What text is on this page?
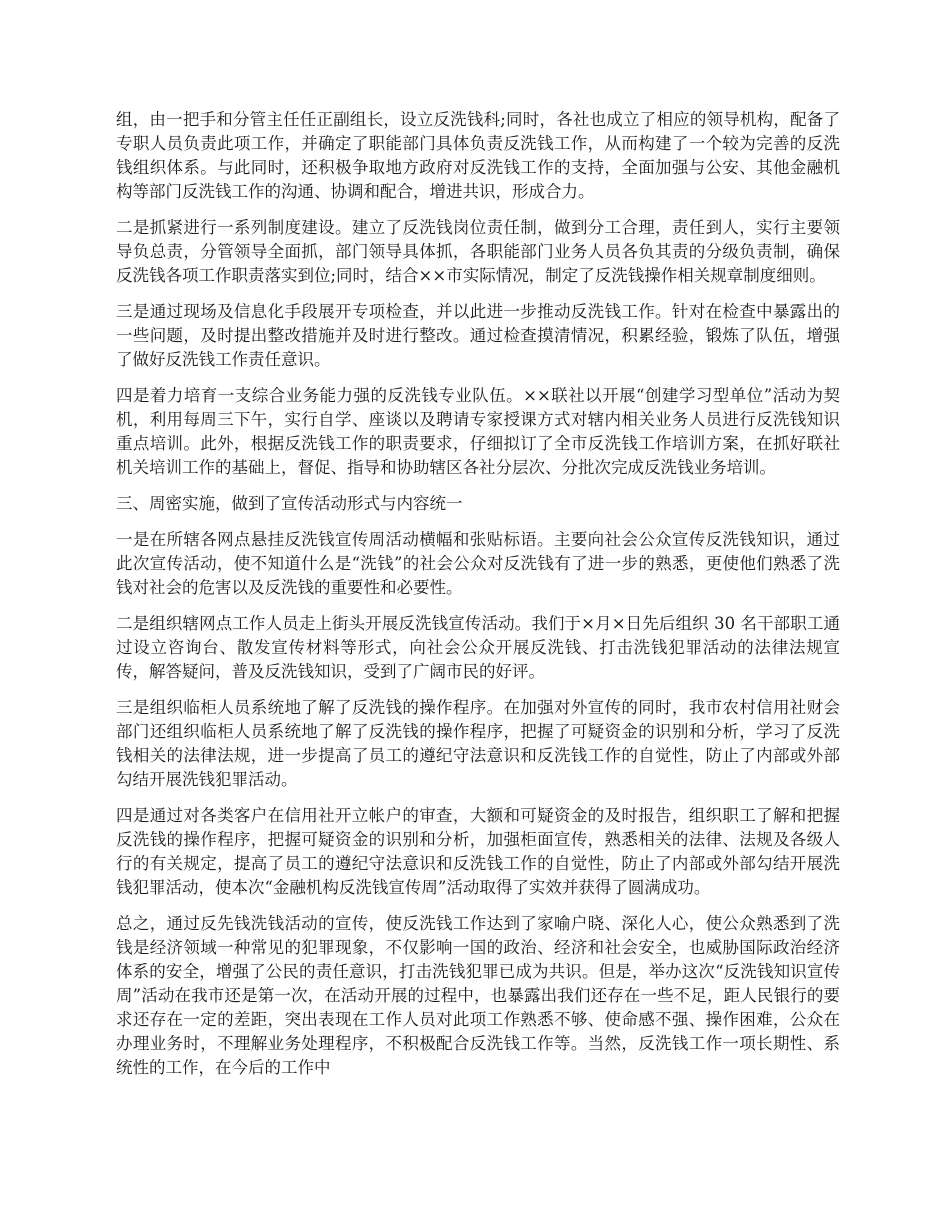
组，由一把手和分管主任任正副组长，设立反洗钱科;同时，各社也成立了相应的领导机构，配备了专职人员负责此项工作，并确定了职能部门具体负责反洗钱工作，从而构建了一个较为完善的反洗钱组织体系。与此同时，还积极争取地方政府对反洗钱工作的支持，全面加强与公安、其他金融机构等部门反洗钱工作的沟通、协调和配合，增进共识，形成合力。

二是抓紧进行一系列制度建设。建立了反洗钱岗位责任制，做到分工合理，责任到人，实行主要领导负总责，分管领导全面抓，部门领导具体抓，各职能部门业务人员各负其责的分级负责制，确保反洗钱各项工作职责落实到位;同时，结合××市实际情况，制定了反洗钱操作相关规章制度细则。

三是通过现场及信息化手段展开专项检查，并以此进一步推动反洗钱工作。针对在检查中暴露出的一些问题，及时提出整改措施并及时进行整改。通过检查摸清情况，积累经验，锻炼了队伍，增强了做好反洗钱工作责任意识。

四是着力培育一支综合业务能力强的反洗钱专业队伍。××联社以开展“创建学习型单位”活动为契机，利用每周三下午，实行自学、座谈以及聘请专家授课方式对辖内相关业务人员进行反洗钱知识重点培训。此外，根据反洗钱工作的职责要求，仔细拟订了全市反洗钱工作培训方案，在抓好联社机关培训工作的基础上，督促、指导和协助辖区各社分层次、分批次完成反洗钱业务培训。

三、周密实施，做到了宣传活动形式与内容统一

一是在所辖各网点悬挂反洗钱宣传周活动横幅和张贴标语。主要向社会公众宣传反洗钱知识，通过此次宣传活动，使不知道什么是“洗钱”的社会公众对反洗钱有了进一步的熟悉，更使他们熟悉了洗钱对社会的危害以及反洗钱的重要性和必要性。

二是组织辖网点工作人员走上街头开展反洗钱宣传活动。我们于×月×日先后组织 30 名干部职工通过设立咨询台、散发宣传材料等形式，向社会公众开展反洗钱、打击洗钱犯罪活动的法律法规宣传，解答疑问，普及反洗钱知识，受到了广阔市民的好评。

三是组织临柜人员系统地了解了反洗钱的操作程序。在加强对外宣传的同时，我市农村信用社财会部门还组织临柜人员系统地了解了反洗钱的操作程序，把握了可疑资金的识别和分析，学习了反洗钱相关的法律法规，进一步提高了员工的遵纪守法意识和反洗钱工作的自觉性，防止了内部或外部勾结开展洗钱犯罪活动。

四是通过对各类客户在信用社开立帐户的审查，大额和可疑资金的及时报告，组织职工了解和把握反洗钱的操作程序，把握可疑资金的识别和分析，加强柜面宣传，熟悉相关的法律、法规及各级人行的有关规定，提高了员工的遵纪守法意识和反洗钱工作的自觉性，防止了内部或外部勾结开展洗钱犯罪活动，使本次“金融机构反洗钱宣传周”活动取得了实效并获得了圆满成功。

总之，通过反先钱洗钱活动的宣传，使反洗钱工作达到了家喻户晓、深化人心，使公众熟悉到了洗钱是经济领域一种常见的犯罪现象，不仅影响一国的政治、经济和社会安全，也威胁国际政治经济体系的安全，增强了公民的责任意识，打击洗钱犯罪已成为共识。但是，举办这次“反洗钱知识宣传周”活动在我市还是第一次，在活动开展的过程中，也暴露出我们还存在一些不足，距人民银行的要求还存在一定的差距，突出表现在工作人员对此项工作熟悉不够、使命感不强、操作困难，公众在办理业务时，不理解业务处理程序，不积极配合反洗钱工作等。当然，反洗钱工作一项长期性、系统性的工作，在今后的工作中
